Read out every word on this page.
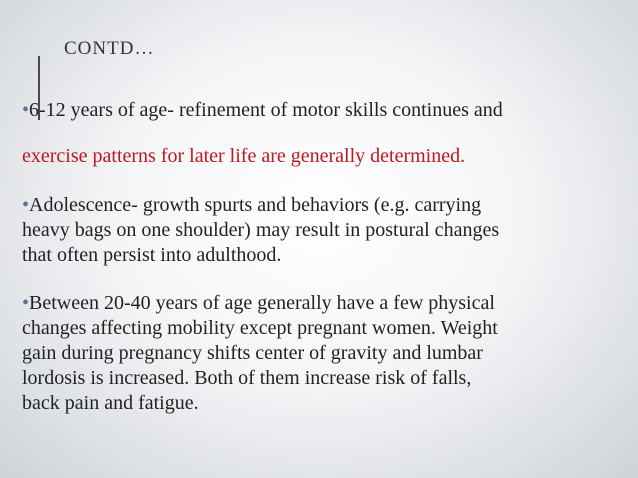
CONTD…

•6-12 years of age- refinement of motor skills continues and

exercise patterns for later life are generally determined.

•Adolescence- growth spurts and behaviors (e.g. carrying
heavy bags on one shoulder) may result in postural changes
that often persist into adulthood.

•Between 20-40 years of age generally have a few physical
changes affecting mobility except pregnant women. Weight
gain during pregnancy shifts center of gravity and lumbar
lordosis is increased. Both of them increase risk of falls,
back pain and fatigue.
